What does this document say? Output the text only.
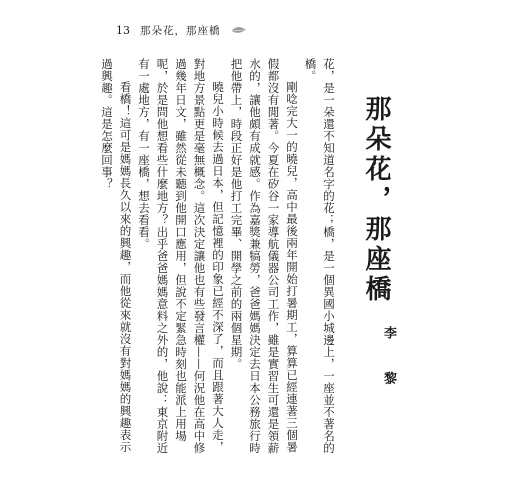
13 那朵花，那座橋
那朵花，那座橋
李 黎

花，是一朵還不知道名字的花；橋，是一個異國小城邊上，一座並不著名的橋。

剛唸完大一的曉兒，高中最後兩年開始打暑期工，算算已經連著三個暑假都沒有閒著。今夏在矽谷一家導航儀器公司工作，雖是實習生可還是領薪水的，讓他頗有成就感。作為嘉獎兼犒勞，爸爸媽媽決定去日本公務旅行時把他帶上，時段正好是他打工完畢、開學之前的兩個星期。

曉兒小時候去過日本，但記憶裡的印象已經不深了，而且跟著大人走，對地方景點更是毫無概念。這次決定讓他也有些發言權——何況他在高中修過幾年日文，雖然從未聽到他開口應用，但說不定緊急時刻也能派上用場呢，於是問他想看些什麼地方？出乎爸爸媽媽意料之外的，他說：東京附近有一處地方，有一座橋，想去看看。

看橋！這可是媽媽長久以來的興趣，而他從來就沒有對媽媽的興趣表示過興趣。這是怎麼回事？
